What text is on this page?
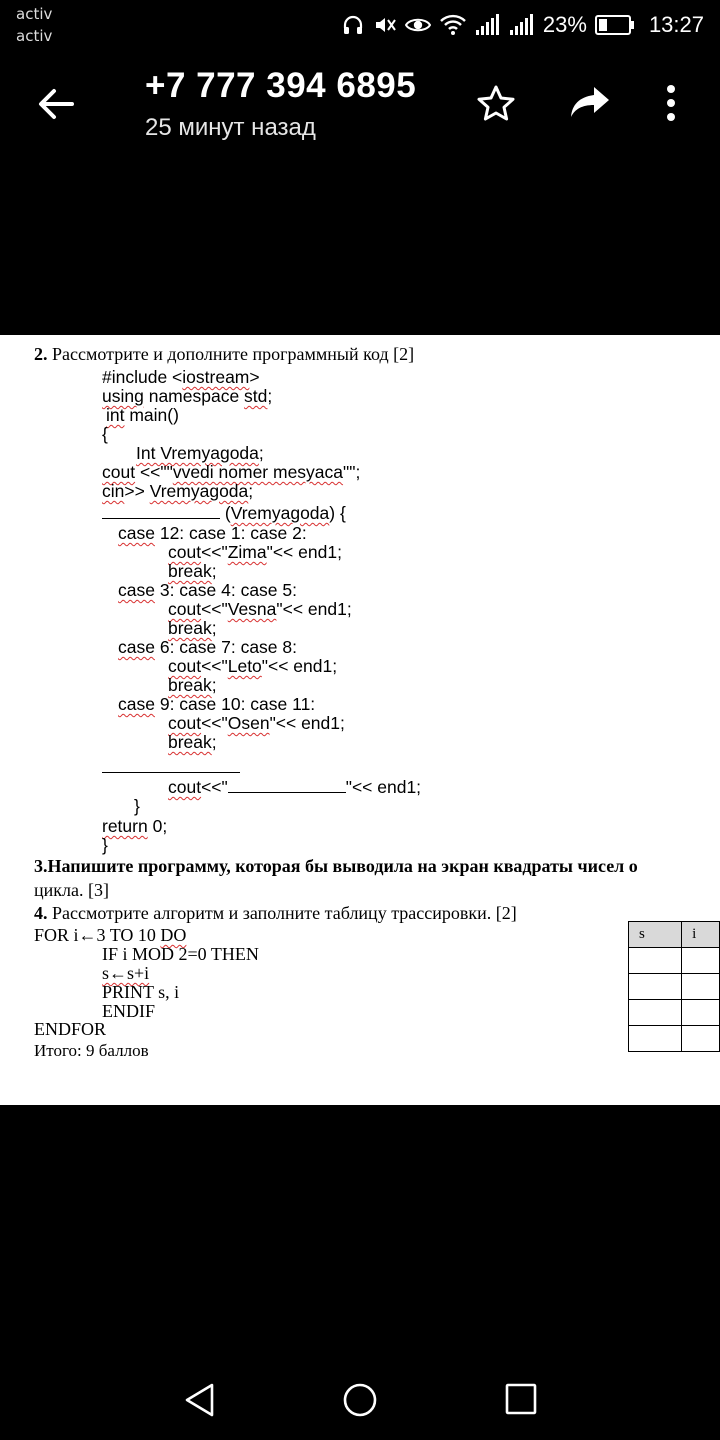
activ
activ	23%	13:27
+7 777 394 6895
25 минут назад
2. Рассмотрите и дополните программный код [2]
#include <iostream>
using namespace std;
int main()
{
Int Vremyagoda;
cout <<""vvedi nomer mesyaca"";
cin>> Vremyagoda;
(Vremyagoda) {
case 12: case 1: case 2:
cout<<"Zima"<< end1;
break;
case 3: case 4: case 5:
cout<<"Vesna"<< end1;
break;
case 6: case 7: case 8:
cout<<"Leto"<< end1;
break;
case 9: case 10: case 11:
cout<<"Osen"<< end1;
break;
cout<<"	"<< end1;
}
return 0;
}
3.Напишите программу, которая бы выводила на экран квадраты чисел о
цикла. [3]
4. Рассмотрите алгоритм и заполните таблицу трассировки. [2]
FOR i←3 TO 10 DO
IF i MOD 2=0 THEN
s←s+i
PRINT s, i
ENDIF
ENDFOR
Итого: 9 баллов
s	i
